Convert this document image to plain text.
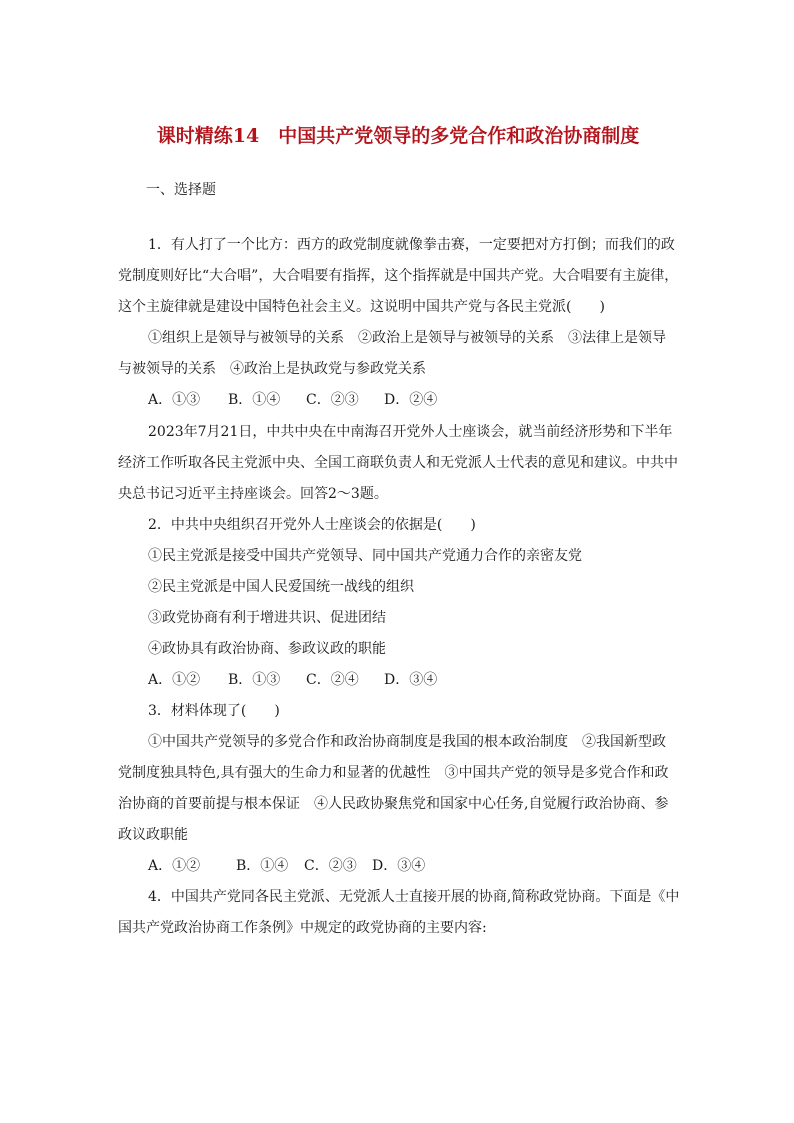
课时精练14　中国共产党领导的多党合作和政治协商制度
一、选择题
1．有人打了一个比方：西方的政党制度就像拳击赛，一定要把对方打倒；而我们的政
党制度则好比“大合唱”，大合唱要有指挥，这个指挥就是中国共产党。大合唱要有主旋律，
这个主旋律就是建设中国特色社会主义。这说明中国共产党与各民主党派(　　)
①组织上是领导与被领导的关系　②政治上是领导与被领导的关系　③法律上是领导
与被领导的关系　④政治上是执政党与参政党关系
A．①③ B．①④ C．②③ D．②④
2023年7月21日，中共中央在中南海召开党外人士座谈会，就当前经济形势和下半年
经济工作听取各民主党派中央、全国工商联负责人和无党派人士代表的意见和建议。中共中
央总书记习近平主持座谈会。回答2～3题。
2．中共中央组织召开党外人士座谈会的依据是(　　)
①民主党派是接受中国共产党领导、同中国共产党通力合作的亲密友党
②民主党派是中国人民爱国统一战线的组织
③政党协商有利于增进共识、促进团结
④政协具有政治协商、参政议政的职能
A．①② B．①③ C．②④ D．③④
3．材料体现了(　　)
①中国共产党领导的多党合作和政治协商制度是我国的根本政治制度　②我国新型政
党制度独具特色,具有强大的生命力和显著的优越性　③中国共产党的领导是多党合作和政
治协商的首要前提与根本保证　④人民政协聚焦党和国家中心任务,自觉履行政治协商、参
政议政职能
A．①②	B．①④ C．②③ D．③④
4．中国共产党同各民主党派、无党派人士直接开展的协商,简称政党协商。下面是《中
国共产党政治协商工作条例》中规定的政党协商的主要内容:
